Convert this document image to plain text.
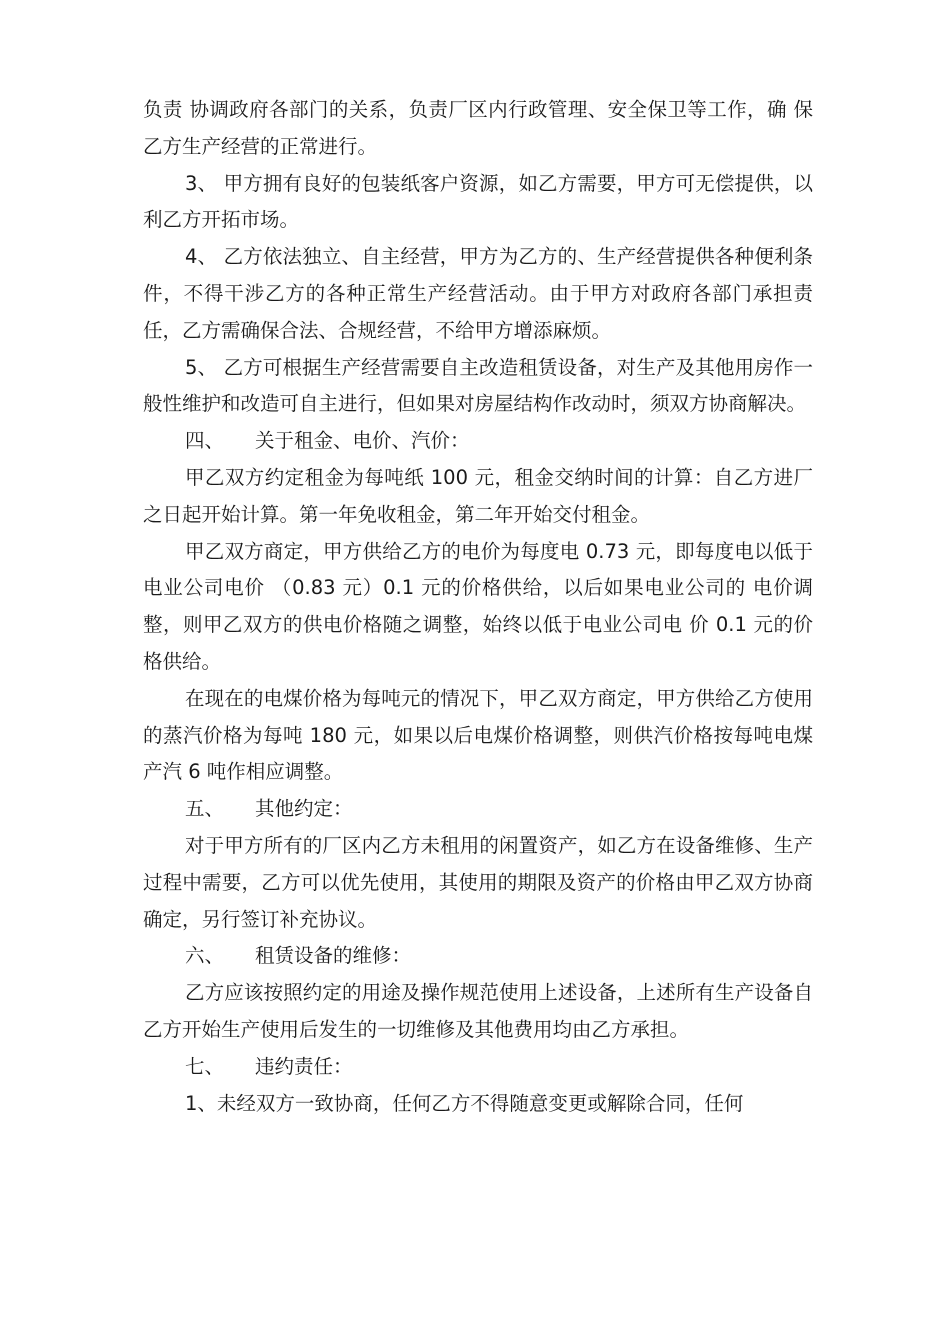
负责 协调政府各部门的关系，负责厂区内行政管理、安全保卫等工作，确 保乙方生产经营的正常进行。

3、 甲方拥有良好的包装纸客户资源，如乙方需要，甲方可无偿提供，以利乙方开拓市场。

4、 乙方依法独立、自主经营，甲方为乙方的、生产经营提供各种便利条件，不得干涉乙方的各种正常生产经营活动。由于甲方对政府各部门承担责任，乙方需确保合法、合规经营，不给甲方增添麻烦。

5、 乙方可根据生产经营需要自主改造租赁设备，对生产及其他用房作一般性维护和改造可自主进行，但如果对房屋结构作改动时，须双方协商解决。

四、     关于租金、电价、汽价：

甲乙双方约定租金为每吨纸 100 元，租金交纳时间的计算：自乙方进厂之日起开始计算。第一年免收租金，第二年开始交付租金。

甲乙双方商定，甲方供给乙方的电价为每度电 0.73 元，即每度电以低于电业公司电价 （0.83 元）0.1 元的价格供给，以后如果电业公司的 电价调整，则甲乙双方的供电价格随之调整，始终以低于电业公司电 价 0.1 元的价格供给。

在现在的电煤价格为每吨元的情况下，甲乙双方商定，甲方供给乙方使用的蒸汽价格为每吨 180 元，如果以后电煤价格调整，则供汽价格按每吨电煤产汽 6 吨作相应调整。

五、     其他约定：

对于甲方所有的厂区内乙方未租用的闲置资产，如乙方在设备维修、生产过程中需要，乙方可以优先使用，其使用的期限及资产的价格由甲乙双方协商确定，另行签订补充协议。

六、     租赁设备的维修：

乙方应该按照约定的用途及操作规范使用上述设备，上述所有生产设备自乙方开始生产使用后发生的一切维修及其他费用均由乙方承担。

七、     违约责任：

1、未经双方一致协商，任何乙方不得随意变更或解除合同，任何
